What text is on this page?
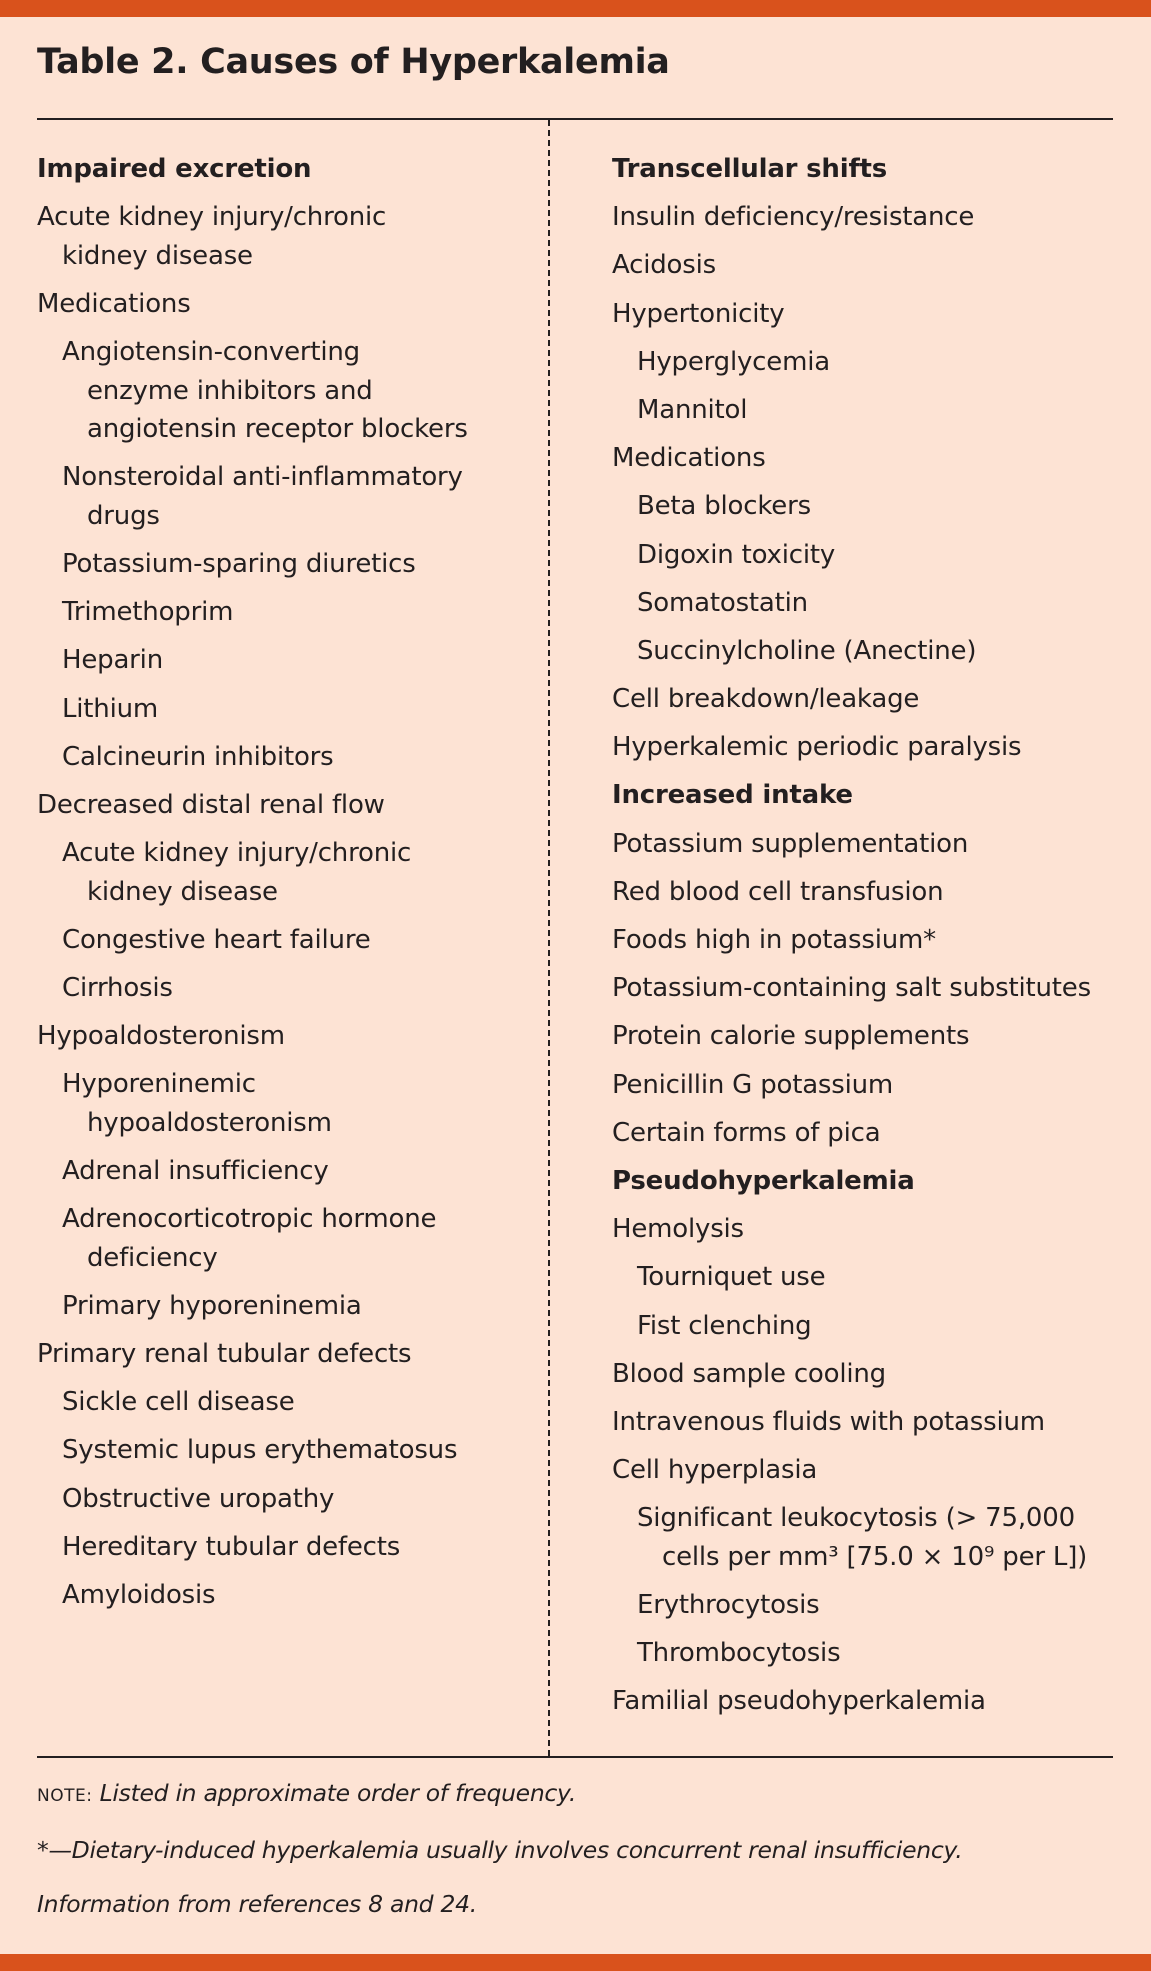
Table 2. Causes of Hyperkalemia
Impaired excretion
Acute kidney injury/chronic
kidney disease
Medications
Angiotensin-converting
enzyme inhibitors and
angiotensin receptor blockers
Nonsteroidal anti-inflammatory
drugs
Potassium-sparing diuretics
Trimethoprim
Heparin
Lithium
Calcineurin inhibitors
Decreased distal renal flow
Acute kidney injury/chronic
kidney disease
Congestive heart failure
Cirrhosis
Hypoaldosteronism
Hyporeninemic
hypoaldosteronism
Adrenal insufficiency
Adrenocorticotropic hormone
deficiency
Primary hyporeninemia
Primary renal tubular defects
Sickle cell disease
Systemic lupus erythematosus
Obstructive uropathy
Hereditary tubular defects
Amyloidosis
Transcellular shifts
Insulin deficiency/resistance
Acidosis
Hypertonicity
Hyperglycemia
Mannitol
Medications
Beta blockers
Digoxin toxicity
Somatostatin
Succinylcholine (Anectine)
Cell breakdown/leakage
Hyperkalemic periodic paralysis
Increased intake
Potassium supplementation
Red blood cell transfusion
Foods high in potassium*
Potassium-containing salt substitutes
Protein calorie supplements
Penicillin G potassium
Certain forms of pica
Pseudohyperkalemia
Hemolysis
Tourniquet use
Fist clenching
Blood sample cooling
Intravenous fluids with potassium
Cell hyperplasia
Significant leukocytosis (> 75,000
cells per mm³ [75.0 × 10⁹ per L])
Erythrocytosis
Thrombocytosis
Familial pseudohyperkalemia
NOTE: Listed in approximate order of frequency.
*—Dietary-induced hyperkalemia usually involves concurrent renal insufficiency.
Information from references 8 and 24.
